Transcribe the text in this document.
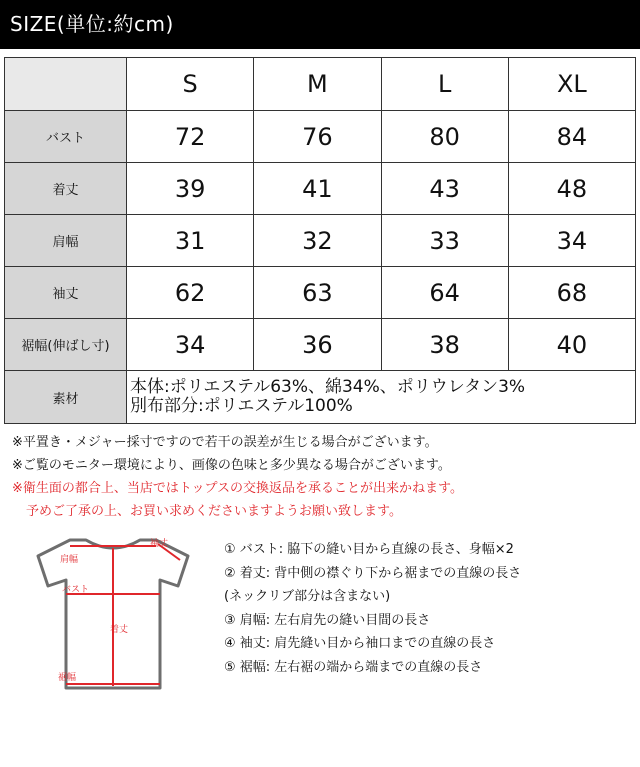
SIZE(単位:約cm)
	S	M	L	XL
バスト	72	76	80	84
着丈	39	41	43	48
肩幅	31	32	33	34
袖丈	62	63	64	68
裾幅(伸ばし寸)	34	36	38	40
素材	本体:ポリエステル63%、綿34%、ポリウレタン3%
別布部分:ポリエステル100%			
※平置き・メジャー採寸ですので若干の誤差が生じる場合がございます。
※ご覧のモニター環境により、画像の色味と多少異なる場合がございます。
※衛生面の都合上、当店ではトップスの交換返品を承ることが出来かねます。
予めご了承の上、お買い求めくださいますようお願い致します。
肩幅
袖丈
バスト
着丈
裾幅
① バスト: 脇下の縫い目から直線の長さ、身幅×2
② 着丈: 背中側の襟ぐり下から裾までの直線の長さ
(ネックリブ部分は含まない)
③ 肩幅: 左右肩先の縫い目間の長さ
④ 袖丈: 肩先縫い目から袖口までの直線の長さ
⑤ 裾幅: 左右裾の端から端までの直線の長さ
